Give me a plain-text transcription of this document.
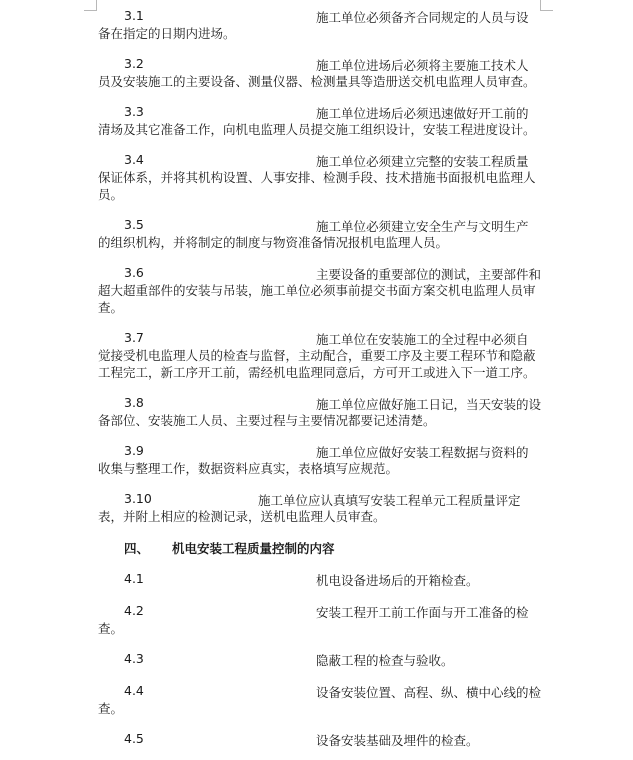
3.1	施工单位必须备齐合同规定的人员与设
备在指定的日期内进场。
3.2	施工单位进场后必须将主要施工技术人
员及安装施工的主要设备、测量仪器、检测量具等造册送交机电监理人员审查。
3.3	施工单位进场后必须迅速做好开工前的
清场及其它准备工作，向机电监理人员提交施工组织设计，安装工程进度设计。
3.4	施工单位必须建立完整的安装工程质量
保证体系，并将其机构设置、人事安排、检测手段、技术措施书面报机电监理人
员。
3.5	施工单位必须建立安全生产与文明生产
的组织机构，并将制定的制度与物资准备情况报机电监理人员。
3.6	主要设备的重要部位的测试，主要部件和
超大超重部件的安装与吊装，施工单位必须事前提交书面方案交机电监理人员审
查。
3.7	施工单位在安装施工的全过程中必须自
觉接受机电监理人员的检查与监督，主动配合，重要工序及主要工程环节和隐蔽
工程完工，新工序开工前，需经机电监理同意后，方可开工或进入下一道工序。
3.8	施工单位应做好施工日记，当天安装的设
备部位、安装施工人员、主要过程与主要情况都要记述清楚。
3.9	施工单位应做好安装工程数据与资料的
收集与整理工作，数据资料应真实，表格填写应规范。
3.10	施工单位应认真填写安装工程单元工程质量评定
表，并附上相应的检测记录，送机电监理人员审查。
四、 机电安装工程质量控制的内容
4.1	机电设备进场后的开箱检查。
4.2	安装工程开工前工作面与开工准备的检
查。
4.3	隐蔽工程的检查与验收。
4.4	设备安装位置、高程、纵、横中心线的检
查。
4.5	设备安装基础及埋件的检查。
